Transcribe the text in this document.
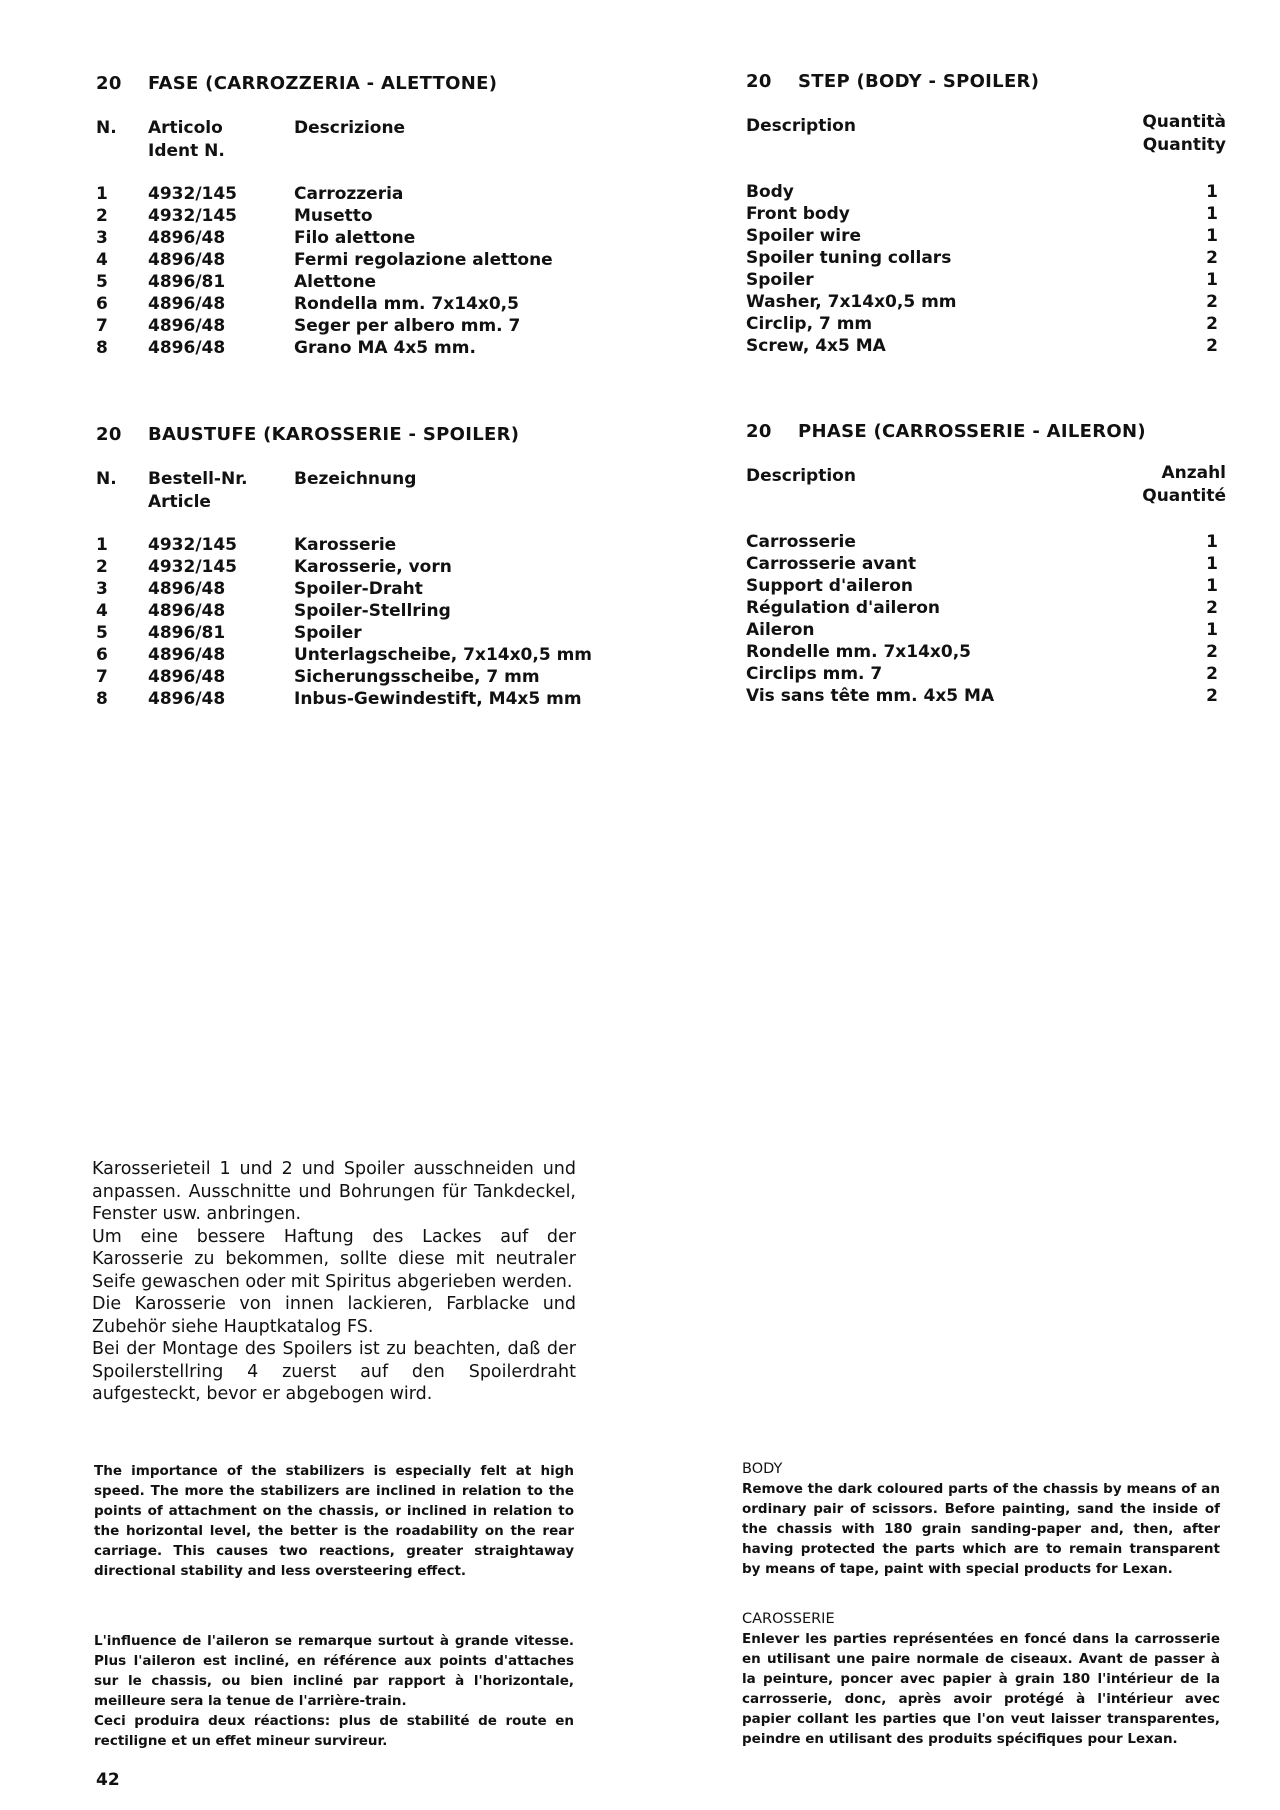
20 FASE (CARROZZERIA - ALETTONE)
N. Articolo
Ident N.
Descrizione
1 4932/145	Carrozzeria
2 4932/145	Musetto
3 4896/48	Filo alettone
4 4896/48	Fermi regolazione alettone
5 4896/81	Alettone
6 4896/48	Rondella mm. 7x14x0,5
7 4896/48	Seger per albero mm. 7
8 4896/48	Grano MA 4x5 mm.
20 STEP (BODY - SPOILER)
Description	Quantità
Quantity
Body	1
Front body	1
Spoiler wire	1
Spoiler tuning collars	2
Spoiler	1
Washer, 7x14x0,5 mm	2
Circlip, 7 mm	2
Screw, 4x5 MA	2
20 BAUSTUFE (KAROSSERIE - SPOILER)
N. Bestell-Nr.
Article
Bezeichnung
1 4932/145	Karosserie
2 4932/145	Karosserie, vorn
3 4896/48	Spoiler-Draht
4 4896/48	Spoiler-Stellring
5 4896/81	Spoiler
6 4896/48	Unterlagscheibe, 7x14x0,5 mm
7 4896/48	Sicherungsscheibe, 7 mm
8 4896/48	Inbus-Gewindestift, M4x5 mm
20 PHASE (CARROSSERIE - AILERON)
Description	Anzahl
Quantité
Carrosserie	1
Carrosserie avant	1
Support d'aileron	1
Régulation d'aileron	2
Aileron	1
Rondelle mm. 7x14x0,5	2
Circlips mm. 7	2
Vis sans tête mm. 4x5 MA	2

Karosserieteil 1 und 2 und Spoiler ausschneiden und anpassen. Ausschnitte und Bohrungen für Tankdeckel, Fenster usw. anbringen.

Um eine bessere Haftung des Lackes auf der Karosserie zu bekommen, sollte diese mit neutraler Seife gewaschen oder mit Spiritus abgerieben werden.

Die Karosserie von innen lackieren, Farblacke und Zubehör siehe Hauptkatalog FS.

Bei der Montage des Spoilers ist zu beachten, daß der Spoilerstellring 4 zuerst auf den Spoilerdraht aufgesteckt, bevor er abgebogen wird.

The importance of the stabilizers is especially felt at high speed. The more the stabilizers are inclined in relation to the points of attachment on the chassis, or inclined in relation to the horizontal level, the better is the roadability on the rear carriage. This causes two reactions, greater straightaway directional stability and less oversteering effect.

L'influence de l'aileron se remarque surtout à grande vitesse. Plus l'aileron est incliné, en référence aux points d'attaches sur le chassis, ou bien incliné par rapport à l'horizontale, meilleure sera la tenue de l'arrière-train.

Ceci produira deux réactions: plus de stabilité de route en rectiligne et un effet mineur survireur.

BODY

Remove the dark coloured parts of the chassis by means of an ordinary pair of scissors. Before painting, sand the inside of the chassis with 180 grain sanding-paper and, then, after having protected the parts which are to remain transparent by means of tape, paint with special products for Lexan.

CAROSSERIE

Enlever les parties représentées en foncé dans la carrosserie en utilisant une paire normale de ciseaux. Avant de passer à la peinture, poncer avec papier à grain 180 l'intérieur de la carrosserie, donc, après avoir protégé à l'intérieur avec papier collant les parties que l'on veut laisser transparentes, peindre en utilisant des produits spécifiques pour Lexan.

42
